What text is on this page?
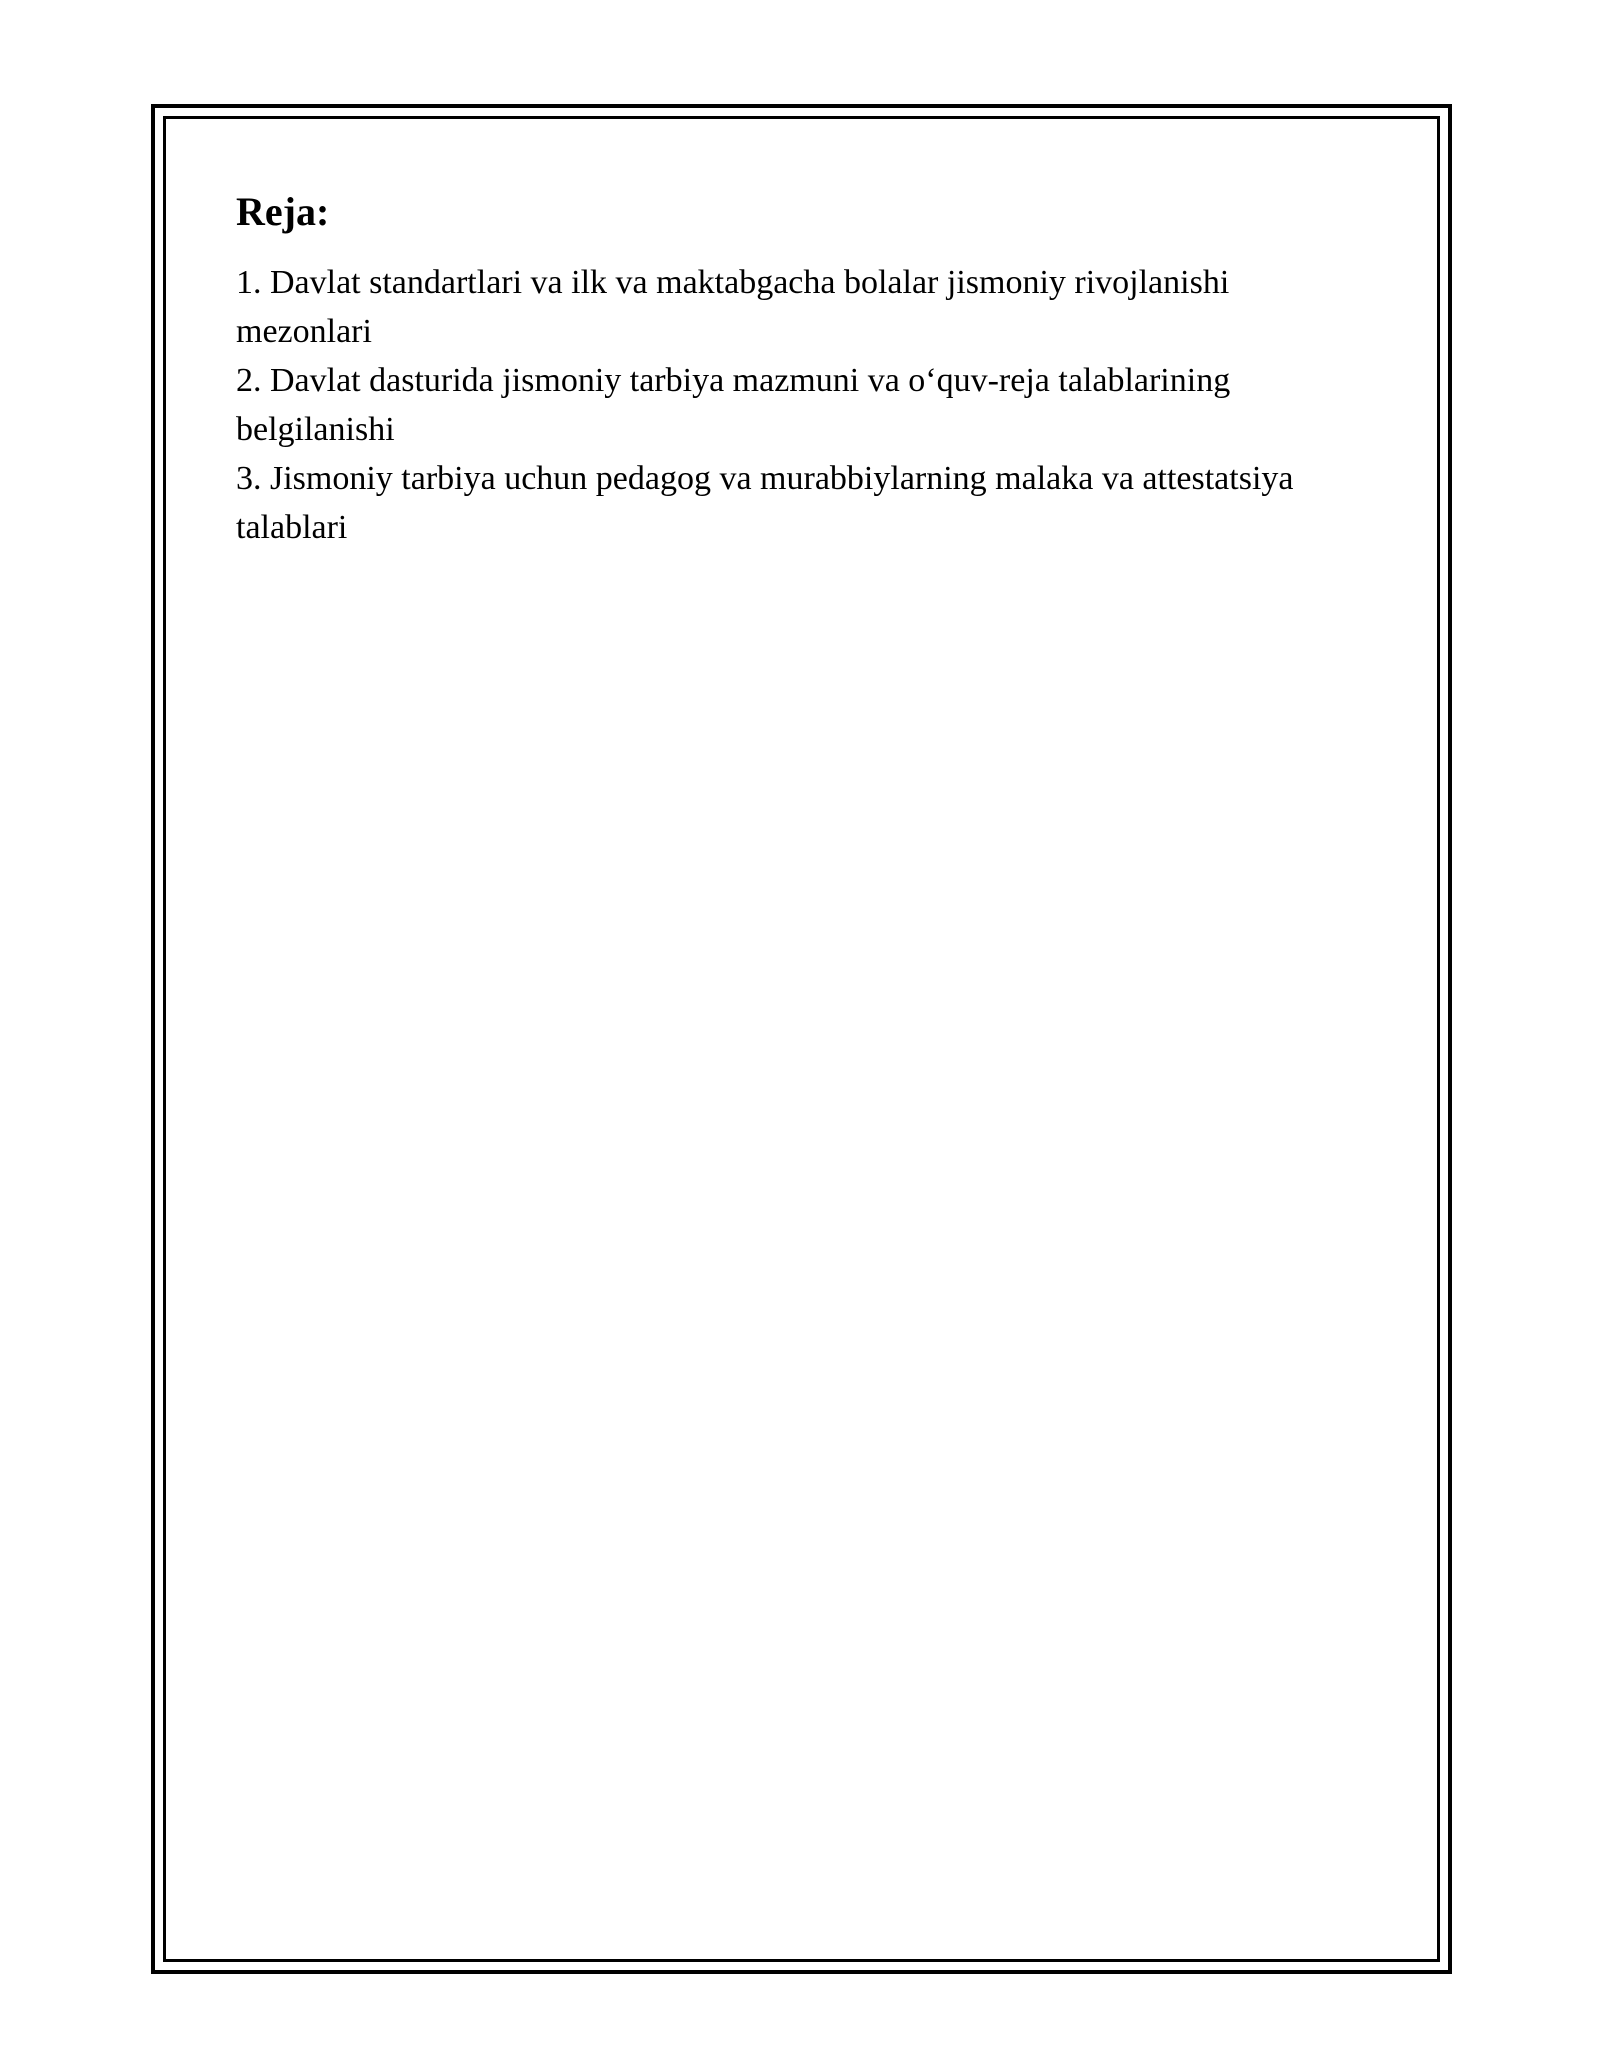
Reja:
1. Davlat standartlari va ilk va maktabgacha bolalar jismoniy rivojlanishi mezonlari
2. Davlat dasturida jismoniy tarbiya mazmuni va o‘quv-reja talablarining belgilanishi
3. Jismoniy tarbiya uchun pedagog va murabbiylarning malaka va attestatsiya talablari
